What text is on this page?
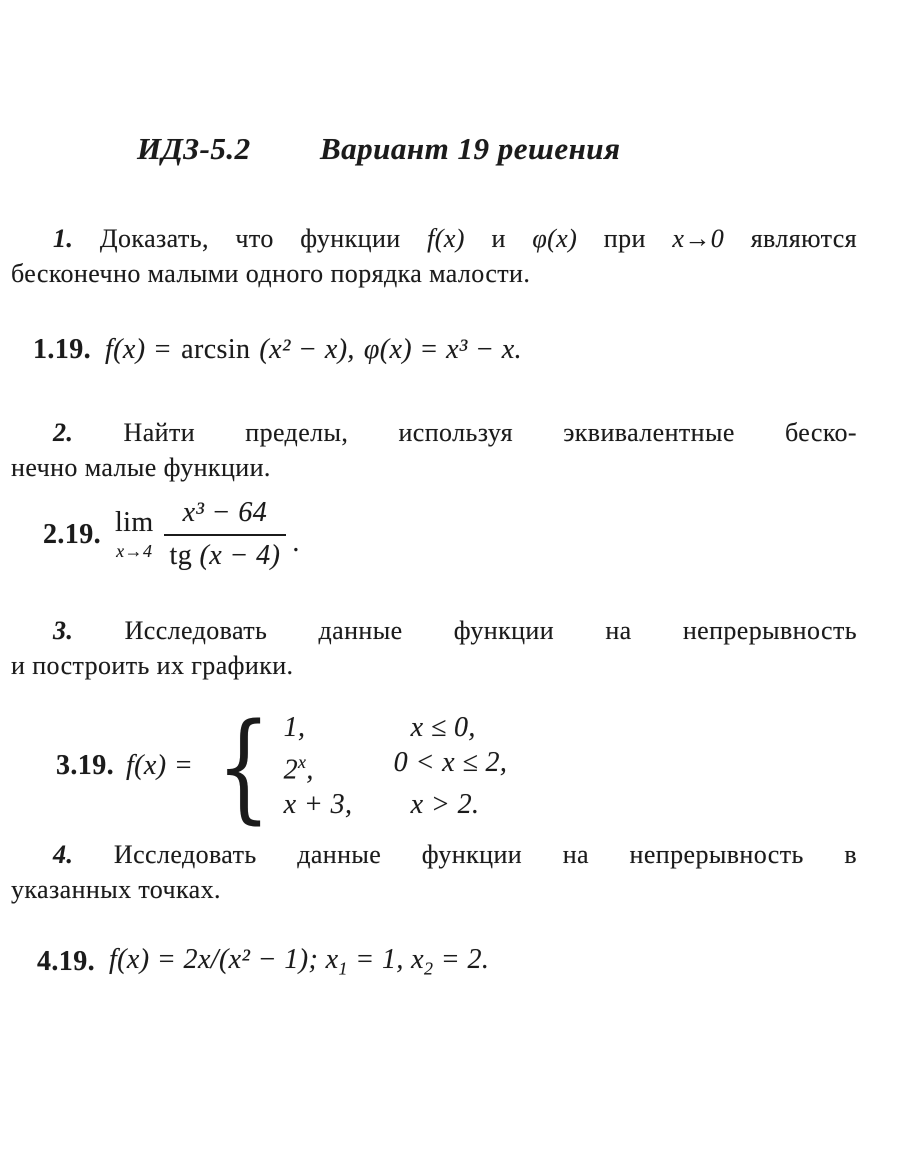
ИДЗ-5.2 Вариант 19 решения
1. Доказать, что функции f(x) и φ(x) при x→0 являются
бесконечно малыми одного порядка малости.
1.19. f(x) = arcsin (x² − x), φ(x) = x³ − x.
2. Найти пределы, используя эквивалентные беско-
нечно малые функции.
2.19. lim
$x\to 4 \frac{\text{x³ − 64}}{tg (x - 4)}$ .
3. Исследовать данные функции на непрерывность
и построить их графики.
3.19. f(x) = { 1,	x ≤ 0,
2$^x$,	0 < x ≤ 2,
x + 3,	x > 2.
4. Исследовать данные функции на непрерывность в
указанных точках.
4.19. f(x) = 2x/(x² − 1); $x_1 = 1$, $x_2 = 2$.
